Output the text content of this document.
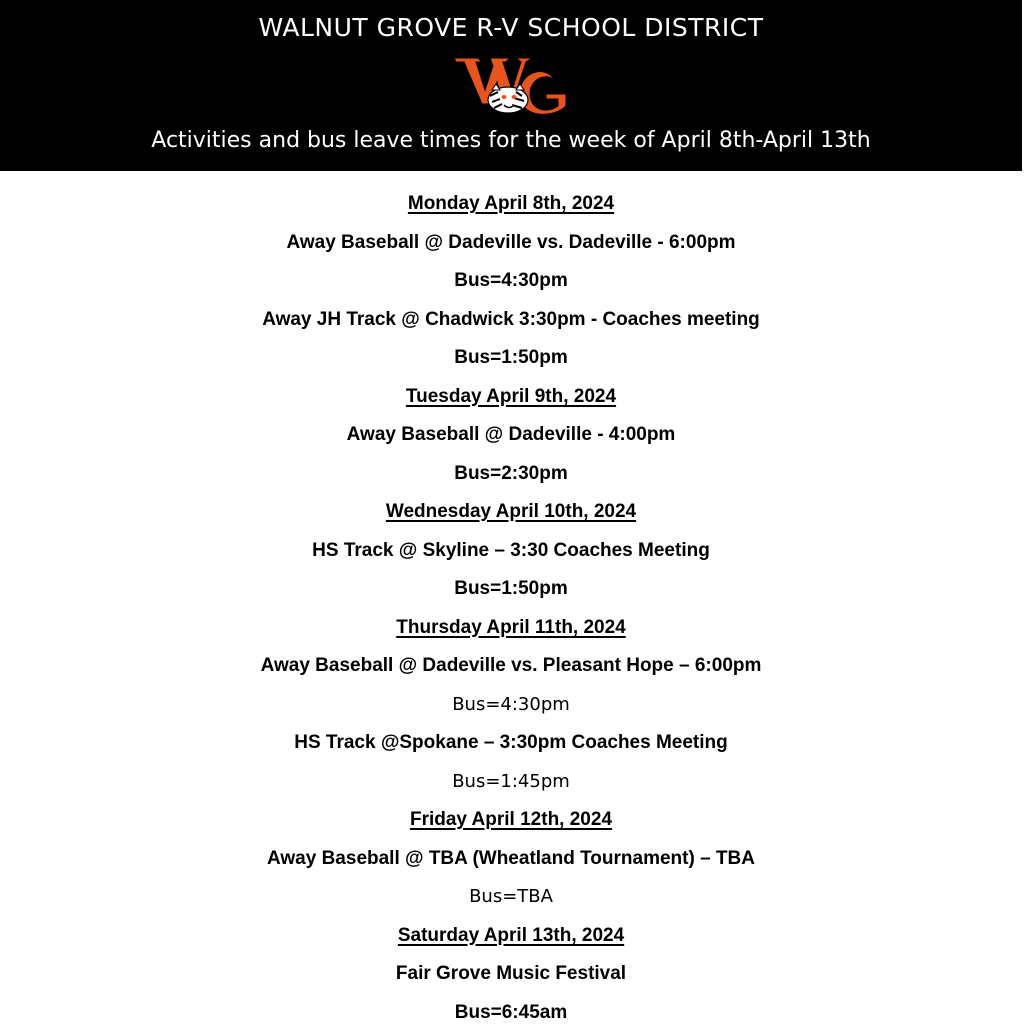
WALNUT GROVE R-V SCHOOL DISTRICT
Activities and bus leave times for the week of April 8th-April 13th
Monday April 8th, 2024
Away Baseball @ Dadeville vs. Dadeville - 6:00pm
Bus=4:30pm
Away JH Track @ Chadwick 3:30pm - Coaches meeting
Bus=1:50pm
Tuesday April 9th, 2024
Away Baseball @ Dadeville - 4:00pm
Bus=2:30pm
Wednesday April 10th, 2024
HS Track @ Skyline – 3:30 Coaches Meeting
Bus=1:50pm
Thursday April 11th, 2024
Away Baseball @ Dadeville vs. Pleasant Hope – 6:00pm
Bus=4:30pm
HS Track @Spokane – 3:30pm Coaches Meeting
Bus=1:45pm
Friday April 12th, 2024
Away Baseball @ TBA (Wheatland Tournament) – TBA
Bus=TBA
Saturday April 13th, 2024
Fair Grove Music Festival
Bus=6:45am
